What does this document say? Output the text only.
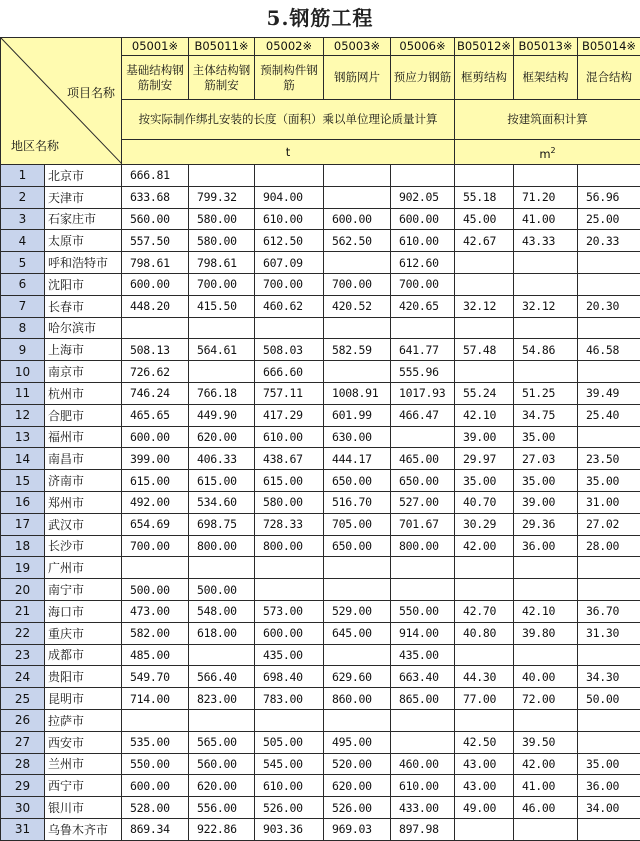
5.钢筋工程
项目名称
地区名称		05001※	B05011※	05002※	05003※	05006※	B05012※	B05013※	B05014※
		基础结构钢筋制安	主体结构钢筋制安	预制构件钢筋	钢筋网片	预应力钢筋	框剪结构	框架结构	混合结构
		按实际制作绑扎安装的长度（面积）乘以单位理论质量计算					按建筑面积计算		
		t					$m^2$
1	北京市	666.81							
2	天津市	633.68	799.32	904.00		902.05	55.18	71.20	56.96
3	石家庄市	560.00	580.00	610.00	600.00	600.00	45.00	41.00	25.00
4	太原市	557.50	580.00	612.50	562.50	610.00	42.67	43.33	20.33
5	呼和浩特市	798.61	798.61	607.09		612.60			
6	沈阳市	600.00	700.00	700.00	700.00	700.00			
7	长春市	448.20	415.50	460.62	420.52	420.65	32.12	32.12	20.30
8	哈尔滨市								
9	上海市	508.13	564.61	508.03	582.59	641.77	57.48	54.86	46.58
10	南京市	726.62		666.60		555.96			
11	杭州市	746.24	766.18	757.11	1008.91	1017.93	55.24	51.25	39.49
12	合肥市	465.65	449.90	417.29	601.99	466.47	42.10	34.75	25.40
13	福州市	600.00	620.00	610.00	630.00		39.00	35.00	
14	南昌市	399.00	406.33	438.67	444.17	465.00	29.97	27.03	23.50
15	济南市	615.00	615.00	615.00	650.00	650.00	35.00	35.00	35.00
16	郑州市	492.00	534.60	580.00	516.70	527.00	40.70	39.00	31.00
17	武汉市	654.69	698.75	728.33	705.00	701.67	30.29	29.36	27.02
18	长沙市	700.00	800.00	800.00	650.00	800.00	42.00	36.00	28.00
19	广州市								
20	南宁市	500.00	500.00						
21	海口市	473.00	548.00	573.00	529.00	550.00	42.70	42.10	36.70
22	重庆市	582.00	618.00	600.00	645.00	914.00	40.80	39.80	31.30
23	成都市	485.00		435.00		435.00			
24	贵阳市	549.70	566.40	698.40	629.60	663.40	44.30	40.00	34.30
25	昆明市	714.00	823.00	783.00	860.00	865.00	77.00	72.00	50.00
26	拉萨市								
27	西安市	535.00	565.00	505.00	495.00		42.50	39.50	
28	兰州市	550.00	560.00	545.00	520.00	460.00	43.00	42.00	35.00
29	西宁市	600.00	620.00	610.00	620.00	610.00	43.00	41.00	36.00
30	银川市	528.00	556.00	526.00	526.00	433.00	49.00	46.00	34.00
31	乌鲁木齐市	869.34	922.86	903.36	969.03	897.98			
